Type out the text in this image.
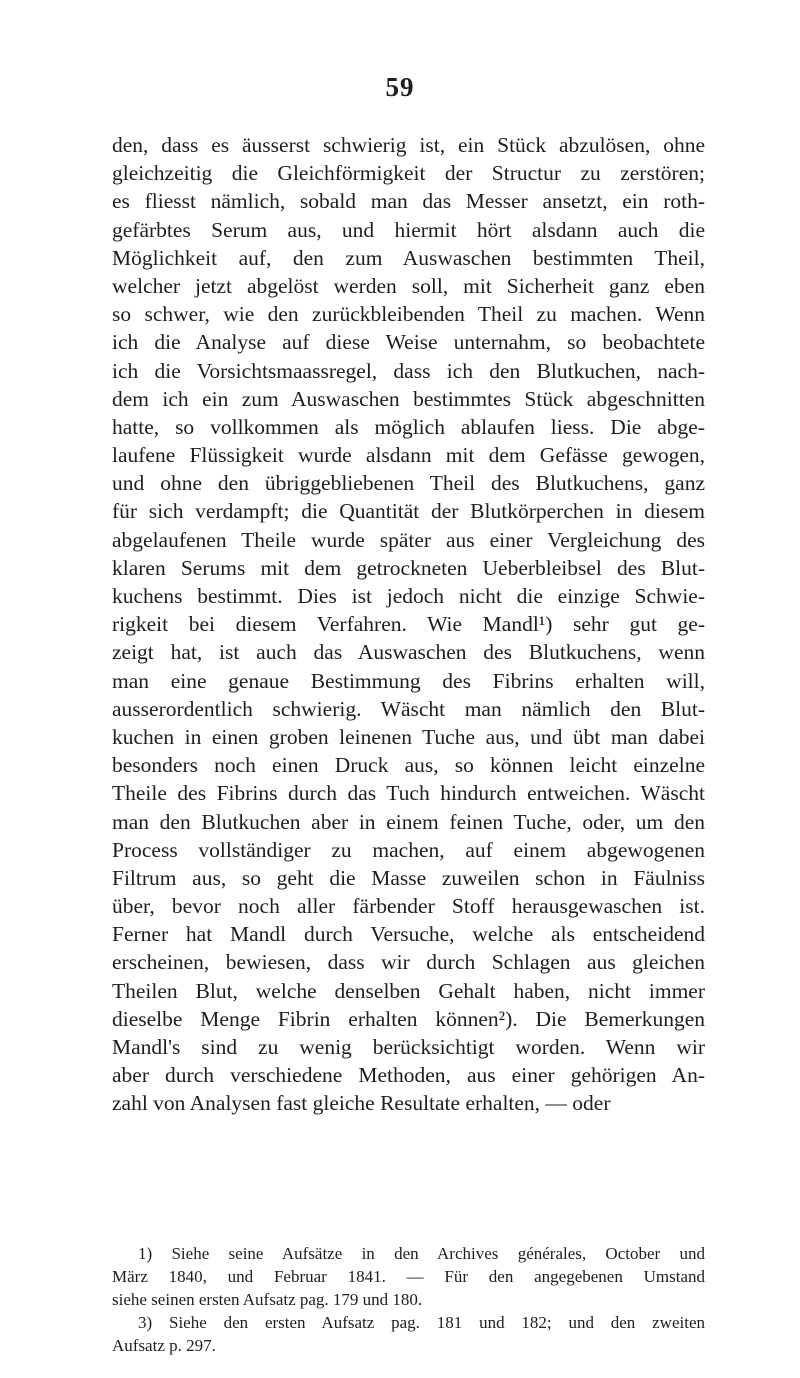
59
den, dass es äusserst schwierig ist, ein Stück abzulösen, ohne
gleichzeitig die Gleichförmigkeit der Structur zu zerstören;
es fliesst nämlich, sobald man das Messer ansetzt, ein roth-
gefärbtes Serum aus, und hiermit hört alsdann auch die
Möglichkeit auf, den zum Auswaschen bestimmten Theil,
welcher jetzt abgelöst werden soll, mit Sicherheit ganz eben
so schwer, wie den zurückbleibenden Theil zu machen. Wenn
ich die Analyse auf diese Weise unternahm, so beobachtete
ich die Vorsichtsmaassregel, dass ich den Blutkuchen, nach-
dem ich ein zum Auswaschen bestimmtes Stück abgeschnitten
hatte, so vollkommen als möglich ablaufen liess. Die abge-
laufene Flüssigkeit wurde alsdann mit dem Gefässe gewogen,
und ohne den übriggebliebenen Theil des Blutkuchens, ganz
für sich verdampft; die Quantität der Blutkörperchen in diesem
abgelaufenen Theile wurde später aus einer Vergleichung des
klaren Serums mit dem getrockneten Ueberbleibsel des Blut-
kuchens bestimmt. Dies ist jedoch nicht die einzige Schwie-
rigkeit bei diesem Verfahren. Wie Mandl¹) sehr gut ge-
zeigt hat, ist auch das Auswaschen des Blutkuchens, wenn
man eine genaue Bestimmung des Fibrins erhalten will,
ausserordentlich schwierig. Wäscht man nämlich den Blut-
kuchen in einen groben leinenen Tuche aus, und übt man dabei
besonders noch einen Druck aus, so können leicht einzelne
Theile des Fibrins durch das Tuch hindurch entweichen. Wäscht
man den Blutkuchen aber in einem feinen Tuche, oder, um den
Process vollständiger zu machen, auf einem abgewogenen
Filtrum aus, so geht die Masse zuweilen schon in Fäulniss
über, bevor noch aller färbender Stoff herausgewaschen ist.
Ferner hat Mandl durch Versuche, welche als entscheidend
erscheinen, bewiesen, dass wir durch Schlagen aus gleichen
Theilen Blut, welche denselben Gehalt haben, nicht immer
dieselbe Menge Fibrin erhalten können²). Die Bemerkungen
Mandl's sind zu wenig berücksichtigt worden. Wenn wir
aber durch verschiedene Methoden, aus einer gehörigen An-
zahl von Analysen fast gleiche Resultate erhalten, — oder
1) Siehe seine Aufsätze in den Archives générales, October und
März 1840, und Februar 1841. — Für den angegebenen Umstand
siehe seinen ersten Aufsatz pag. 179 und 180.
3) Siehe den ersten Aufsatz pag. 181 und 182; und den zweiten
Aufsatz p. 297.
